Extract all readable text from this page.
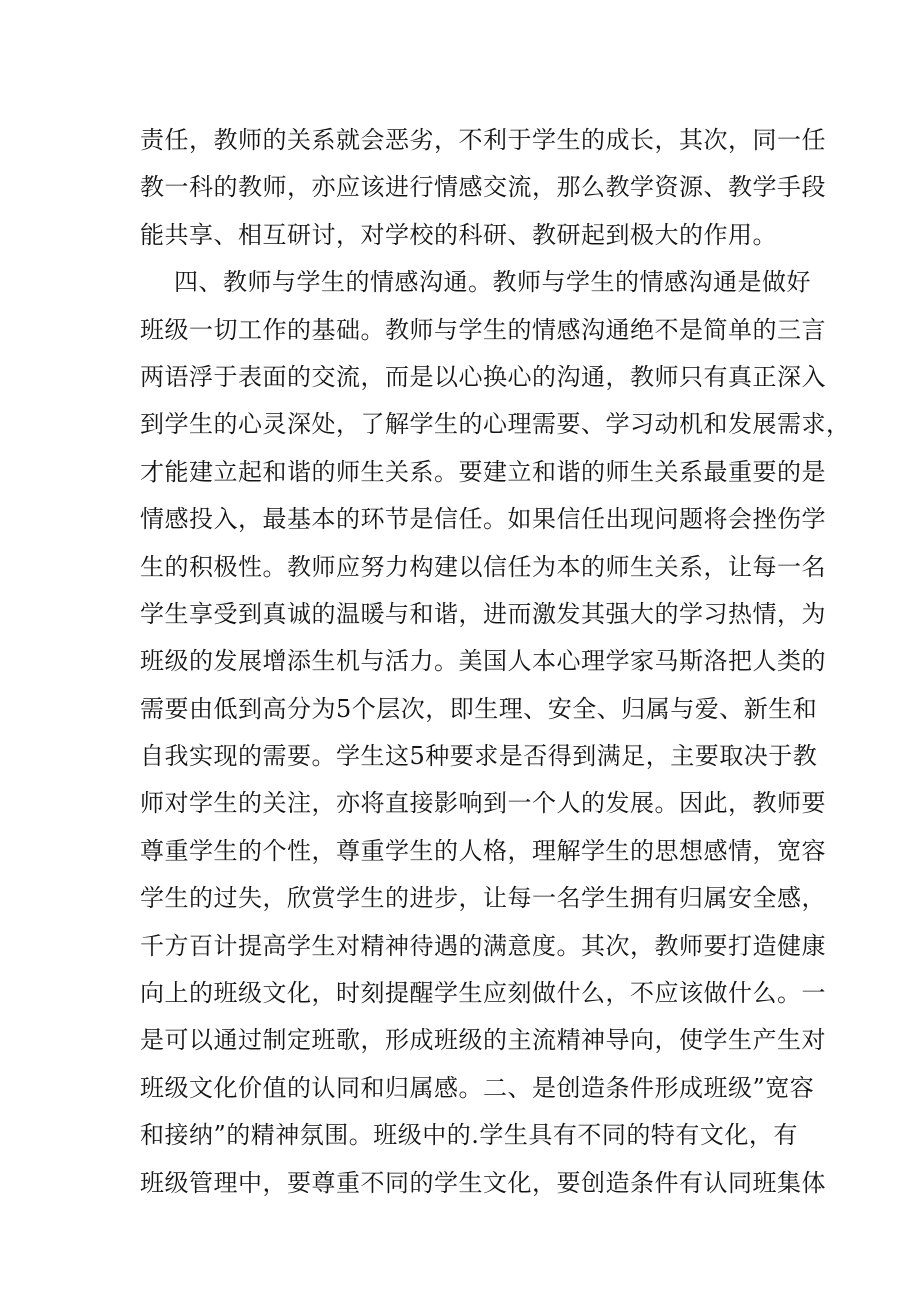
责任，教师的关系就会恶劣，不利于学生的成长，其次，同一任
教一科的教师，亦应该进行情感交流，那么教学资源、教学手段
能共享、相互研讨，对学校的科研、教研起到极大的作用。
四、教师与学生的情感沟通。教师与学生的情感沟通是做好
班级一切工作的基础。教师与学生的情感沟通绝不是简单的三言
两语浮于表面的交流，而是以心换心的沟通，教师只有真正深入
到学生的心灵深处，了解学生的心理需要、学习动机和发展需求，
才能建立起和谐的师生关系。要建立和谐的师生关系最重要的是
情感投入，最基本的环节是信任。如果信任出现问题将会挫伤学
生的积极性。教师应努力构建以信任为本的师生关系，让每一名
学生享受到真诚的温暖与和谐，进而激发其强大的学习热情，为
班级的发展增添生机与活力。美国人本心理学家马斯洛把人类的
需要由低到高分为5个层次，即生理、安全、归属与爱、新生和
自我实现的需要。学生这5种要求是否得到满足，主要取决于教
师对学生的关注，亦将直接影响到一个人的发展。因此，教师要
尊重学生的个性，尊重学生的人格，理解学生的思想感情，宽容
学生的过失，欣赏学生的进步，让每一名学生拥有归属安全感，
千方百计提高学生对精神待遇的满意度。其次，教师要打造健康
向上的班级文化，时刻提醒学生应刻做什么，不应该做什么。一
是可以通过制定班歌，形成班级的主流精神导向，使学生产生对
班级文化价值的认同和归属感。二、是创造条件形成班级”宽容
和接纳”的精神氛围。班级中的.学生具有不同的特有文化，有
班级管理中，要尊重不同的学生文化，要创造条件有认同班集体
